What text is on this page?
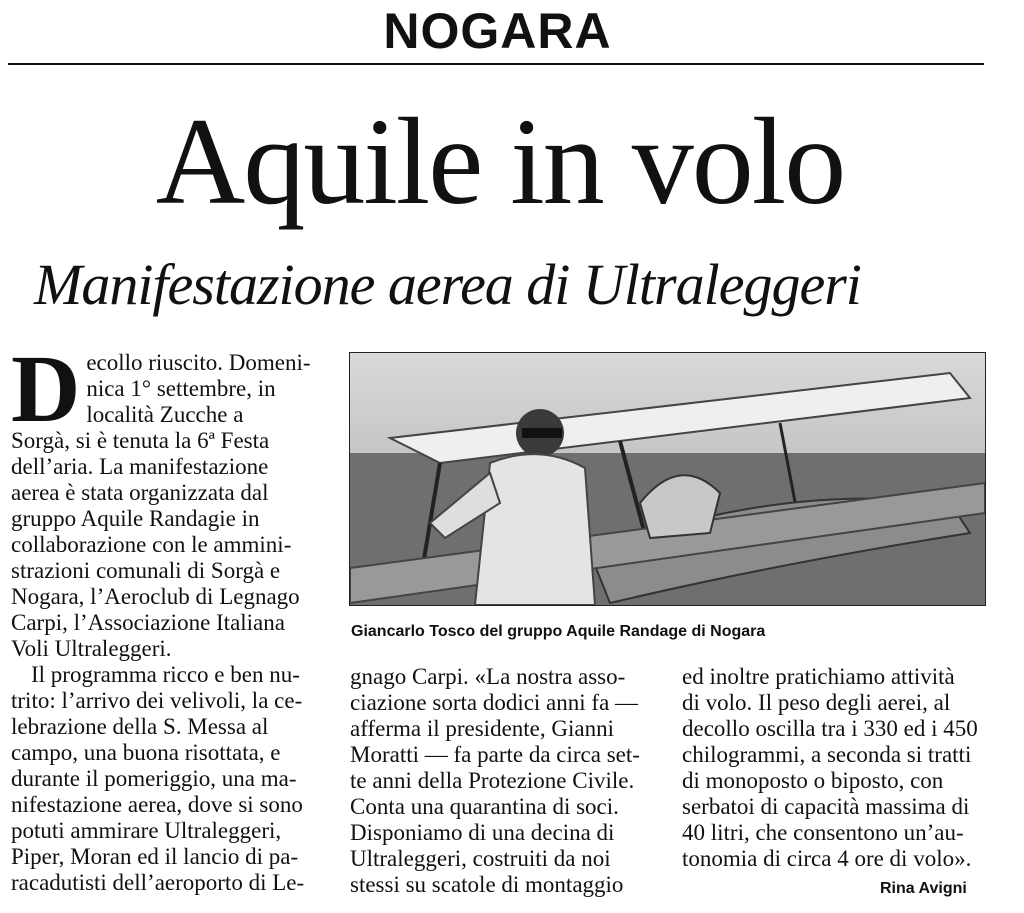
NOGARA
Aquile in volo
Manifestazione aerea di Ultraleggeri
D ecollo riuscito. Domeni-
nica 1° settembre, in
località Zucche a
Sorgà, si è tenuta la 6ª Festa
dell’aria. La manifestazione
aerea è stata organizzata dal
gruppo Aquile Randagie in
collaborazione con le ammini-
strazioni comunali di Sorgà e
Nogara, l’Aeroclub di Legnago
Carpi, l’Associazione Italiana
Voli Ultraleggeri.
Il programma ricco e ben nu-
trito: l’arrivo dei velivoli, la ce-
lebrazione della S. Messa al
campo, una buona risottata, e
durante il pomeriggio, una ma-
nifestazione aerea, dove si sono
potuti ammirare Ultraleggeri,
Piper, Moran ed il lancio di pa-
racadutisti dell’aeroporto di Le-
Giancarlo Tosco del gruppo Aquile Randage di Nogara
gnago Carpi. «La nostra asso-
ciazione sorta dodici anni fa —
afferma il presidente, Gianni
Moratti — fa parte da circa set-
te anni della Protezione Civile.
Conta una quarantina di soci.
Disponiamo di una decina di
Ultraleggeri, costruiti da noi
stessi su scatole di montaggio
ed inoltre pratichiamo attività
di volo. Il peso degli aerei, al
decollo oscilla tra i 330 ed i 450
chilogrammi, a seconda si tratti
di monoposto o biposto, con
serbatoi di capacità massima di
40 litri, che consentono un’au-
tonomia di circa 4 ore di volo».
Rina Avigni
